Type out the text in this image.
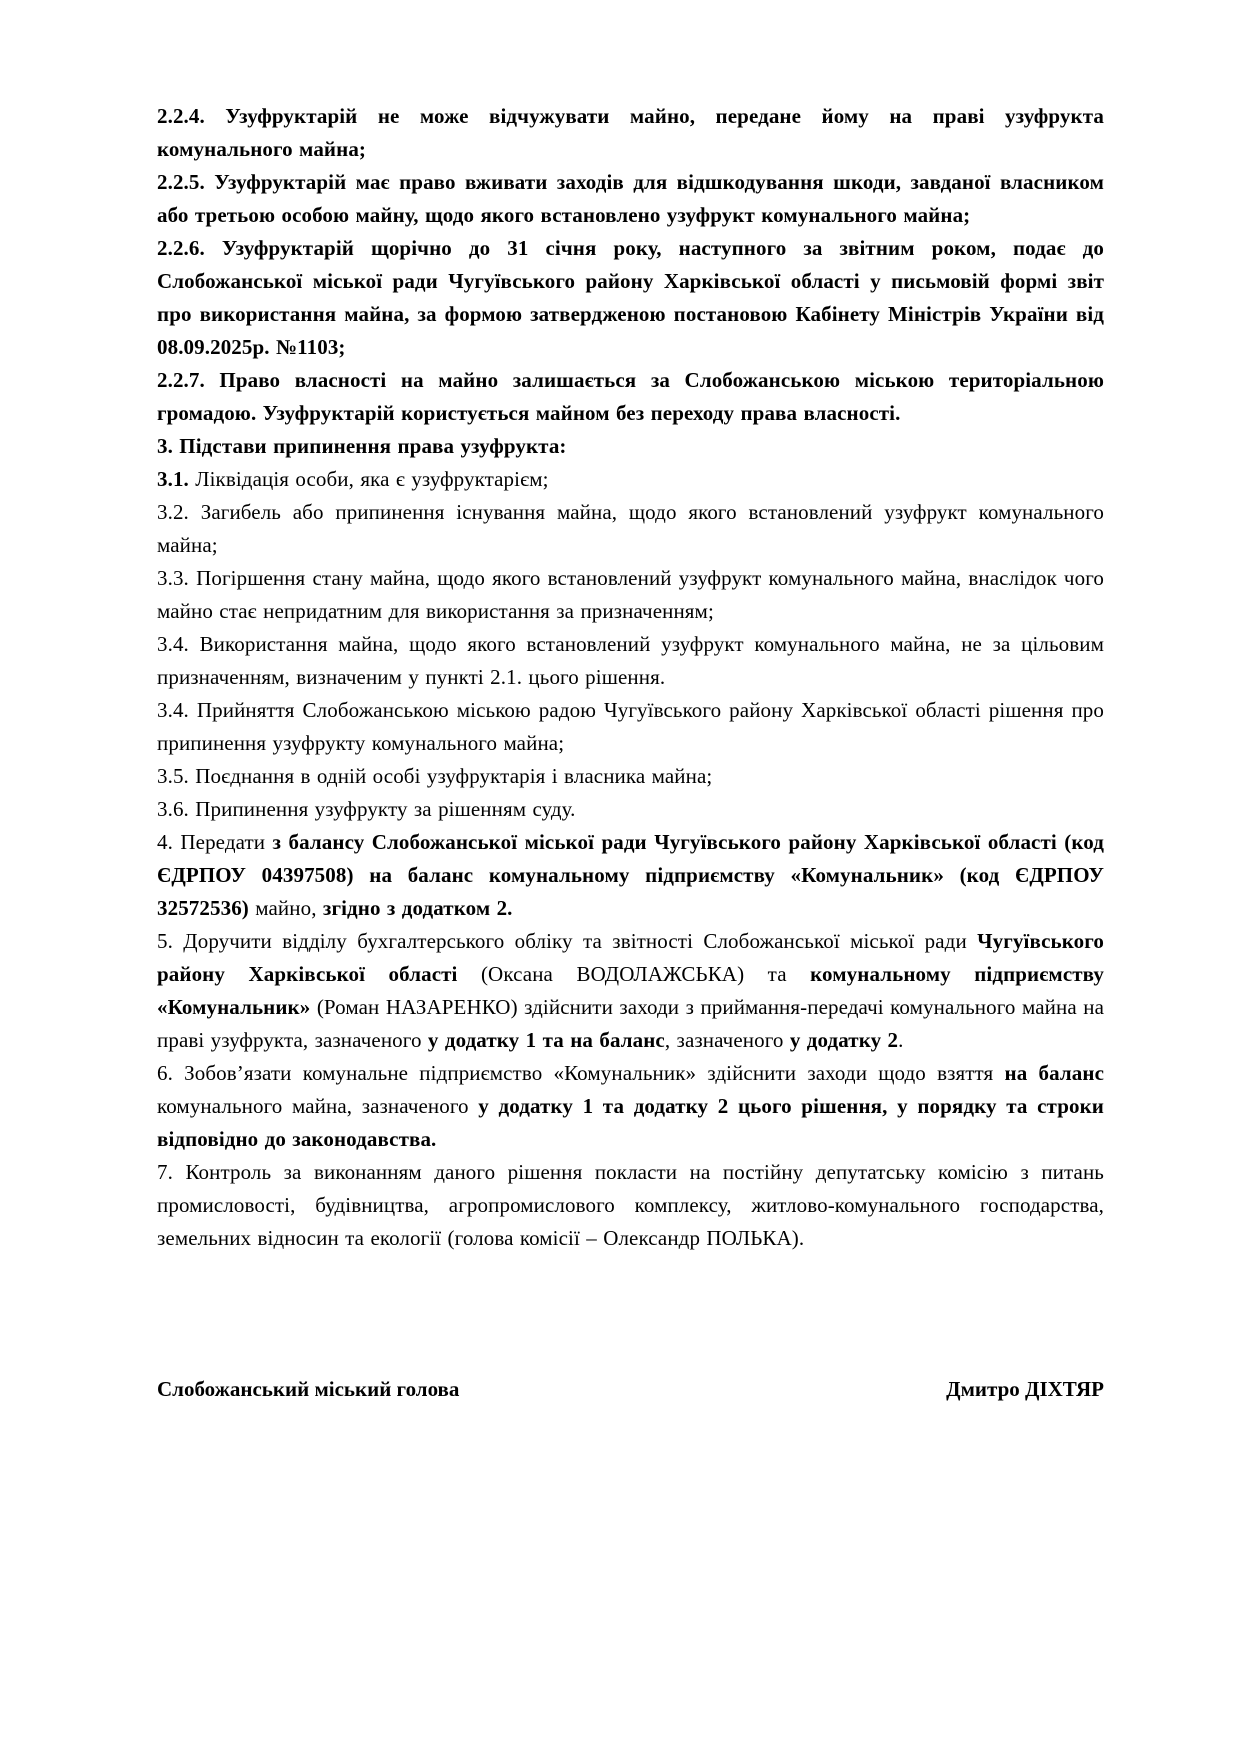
2.2.4. Узуфруктарій не може відчужувати майно, передане йому на праві узуфрукта комунального майна;

2.2.5. Узуфруктарій має право вживати заходів для відшкодування шкоди, завданої власником або третьою особою майну, щодо якого встановлено узуфрукт комунального майна;

2.2.6. Узуфруктарій щорічно до 31 січня року, наступного за звітним роком, подає до Слобожанської міської ради Чугуївського району Харківської області у письмовій формі звіт про використання майна, за формою затвердженою постановою Кабінету Міністрів України від 08.09.2025р. №1103;

2.2.7. Право власності на майно залишається за Слобожанською міською територіальною громадою. Узуфруктарій користується майном без переходу права власності.

3. Підстави припинення права узуфрукта:

3.1. Ліквідація особи, яка є узуфруктарієм;

3.2. Загибель або припинення існування майна, щодо якого встановлений узуфрукт комунального майна;

3.3. Погіршення стану майна, щодо якого встановлений узуфрукт комунального майна, внаслідок чого майно стає непридатним для використання за призначенням;

3.4. Використання майна, щодо якого встановлений узуфрукт комунального майна, не за цільовим призначенням, визначеним у пункті 2.1. цього рішення.

3.4. Прийняття Слобожанською міською радою Чугуївського району Харківської області рішення про припинення узуфрукту комунального майна;

3.5. Поєднання в одній особі узуфруктарія і власника майна;

3.6. Припинення узуфрукту за рішенням суду.

4. Передати з балансу Слобожанської міської ради Чугуївського району Харківської області (код ЄДРПОУ 04397508) на баланс комунальному підприємству «Комунальник» (код ЄДРПОУ 32572536) майно, згідно з додатком 2.

5. Доручити відділу бухгалтерського обліку та звітності Слобожанської міської ради Чугуївського району Харківської області (Оксана ВОДОЛАЖСЬКА) та комунальному підприємству «Комунальник» (Роман НАЗАРЕНКО) здійснити заходи з приймання-передачі комунального майна на праві узуфрукта, зазначеного у додатку 1 та на баланс, зазначеного у додатку 2.

6. Зобов’язати комунальне підприємство «Комунальник» здійснити заходи щодо взяття на баланс комунального майна, зазначеного у додатку 1 та додатку 2 цього рішення, у порядку та строки відповідно до законодавства.

7. Контроль за виконанням даного рішення покласти на постійну депутатську комісію з питань промисловості, будівництва, агропромислового комплексу, житлово-комунального господарства, земельних відносин та екології (голова комісії – Олександр ПОЛЬКА).

Слобожанський міський голова	Дмитро ДІХТЯР
